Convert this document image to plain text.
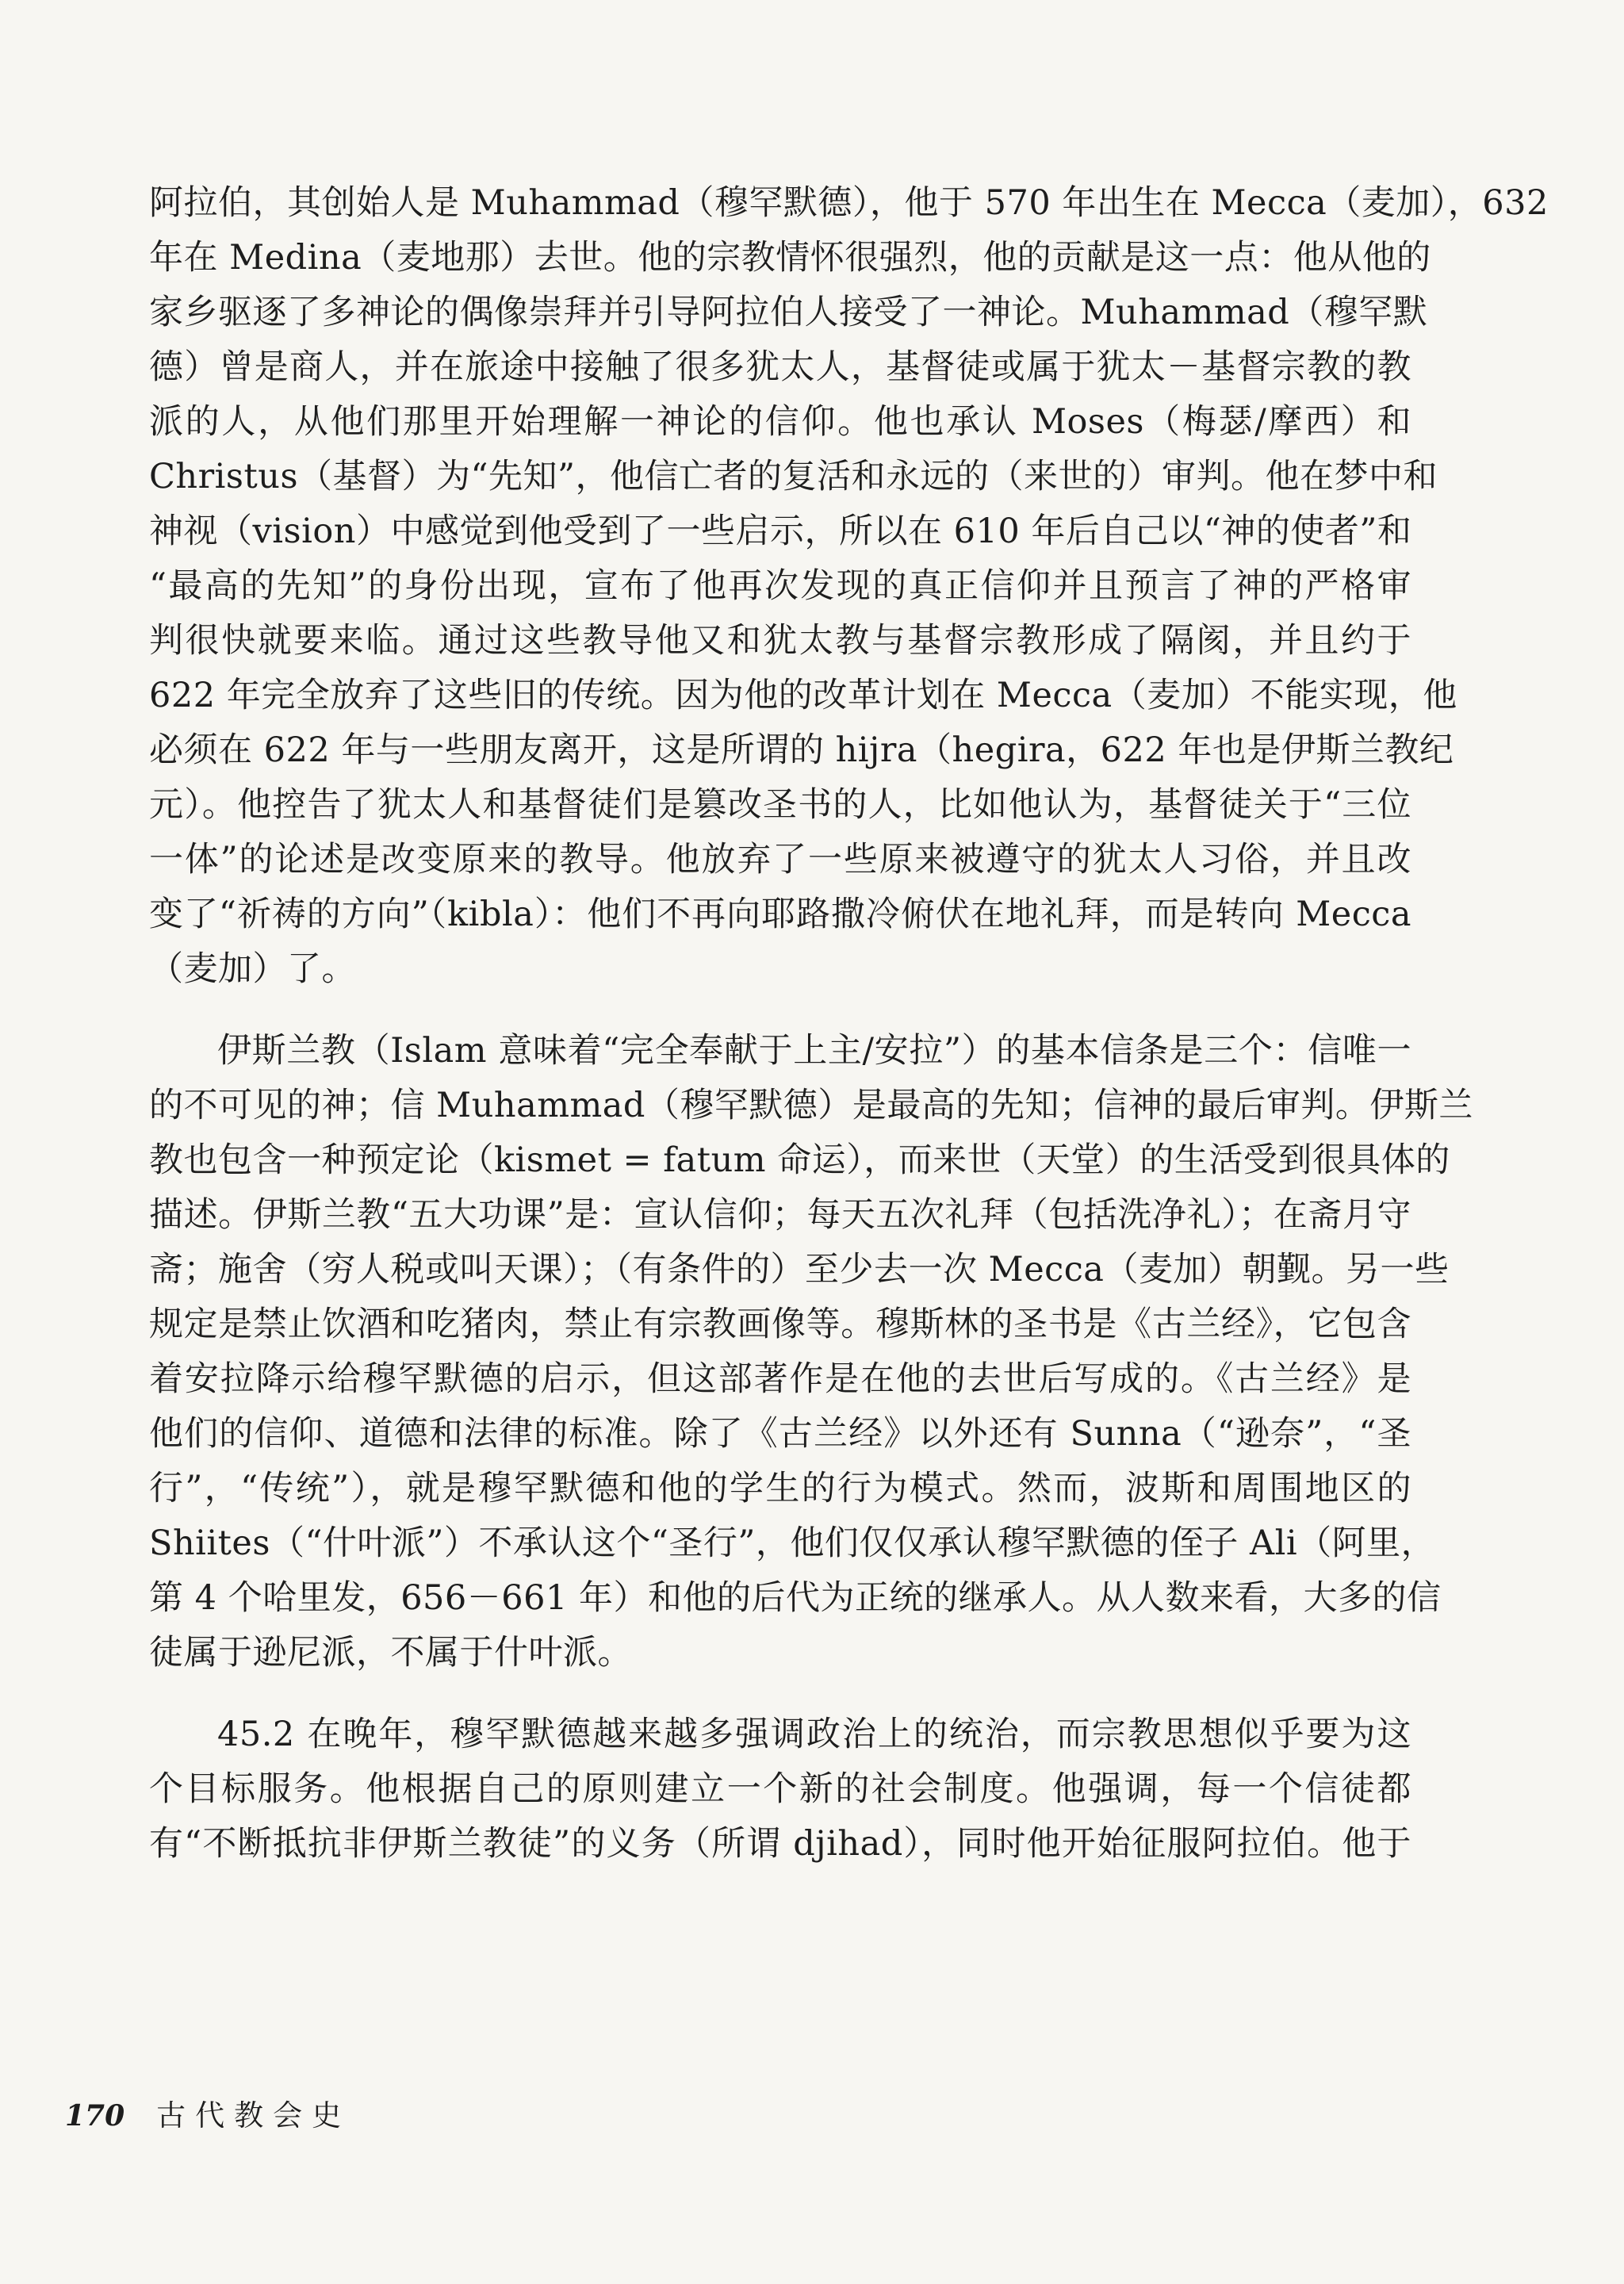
阿拉伯，其创始人是 Muhammad（穆罕默德），他于 570 年出生在 Mecca（麦加），632

年在 Medina（麦地那）去世。他的宗教情怀很强烈，他的贡献是这一点：他从他的

家乡驱逐了多神论的偶像崇拜并引导阿拉伯人接受了一神论。Muhammad（穆罕默

德）曾是商人，并在旅途中接触了很多犹太人，基督徒或属于犹太－基督宗教的教

派的人，从他们那里开始理解一神论的信仰。他也承认 Moses（梅瑟/摩西）和

Christus（基督）为“先知”，他信亡者的复活和永远的（来世的）审判。他在梦中和

神视（vision）中感觉到他受到了一些启示，所以在 610 年后自己以“神的使者”和

“最高的先知”的身份出现，宣布了他再次发现的真正信仰并且预言了神的严格审

判很快就要来临。通过这些教导他又和犹太教与基督宗教形成了隔阂，并且约于

622 年完全放弃了这些旧的传统。因为他的改革计划在 Mecca（麦加）不能实现，他

必须在 622 年与一些朋友离开，这是所谓的 hijra（hegira，622 年也是伊斯兰教纪

元）。他控告了犹太人和基督徒们是篡改圣书的人，比如他认为，基督徒关于“三位

一体”的论述是改变原来的教导。他放弃了一些原来被遵守的犹太人习俗，并且改

变了“祈祷的方向”（kibla）：他们不再向耶路撒冷俯伏在地礼拜，而是转向 Mecca

（麦加）了。

伊斯兰教（Islam 意味着“完全奉献于上主/安拉”）的基本信条是三个：信唯一

的不可见的神；信 Muhammad（穆罕默德）是最高的先知；信神的最后审判。伊斯兰

教也包含一种预定论（kismet = fatum 命运），而来世（天堂）的生活受到很具体的

描述。伊斯兰教“五大功课”是：宣认信仰；每天五次礼拜（包括洗净礼）；在斋月守

斋；施舍（穷人税或叫天课）；（有条件的）至少去一次 Mecca（麦加）朝觐。另一些

规定是禁止饮酒和吃猪肉，禁止有宗教画像等。穆斯林的圣书是《古兰经》，它包含

着安拉降示给穆罕默德的启示，但这部著作是在他的去世后写成的。《古兰经》是

他们的信仰、道德和法律的标准。除了《古兰经》以外还有 Sunna（“逊奈”，“圣

行”，“传统”），就是穆罕默德和他的学生的行为模式。然而，波斯和周围地区的

Shiites（“什叶派”）不承认这个“圣行”，他们仅仅承认穆罕默德的侄子 Ali（阿里，

第 4 个哈里发，656－661 年）和他的后代为正统的继承人。从人数来看，大多的信

徒属于逊尼派，不属于什叶派。

45.2 在晚年，穆罕默德越来越多强调政治上的统治，而宗教思想似乎要为这

个目标服务。他根据自己的原则建立一个新的社会制度。他强调，每一个信徒都

有“不断抵抗非伊斯兰教徒”的义务（所谓 djihad），同时他开始征服阿拉伯。他于

170 古代教会史
